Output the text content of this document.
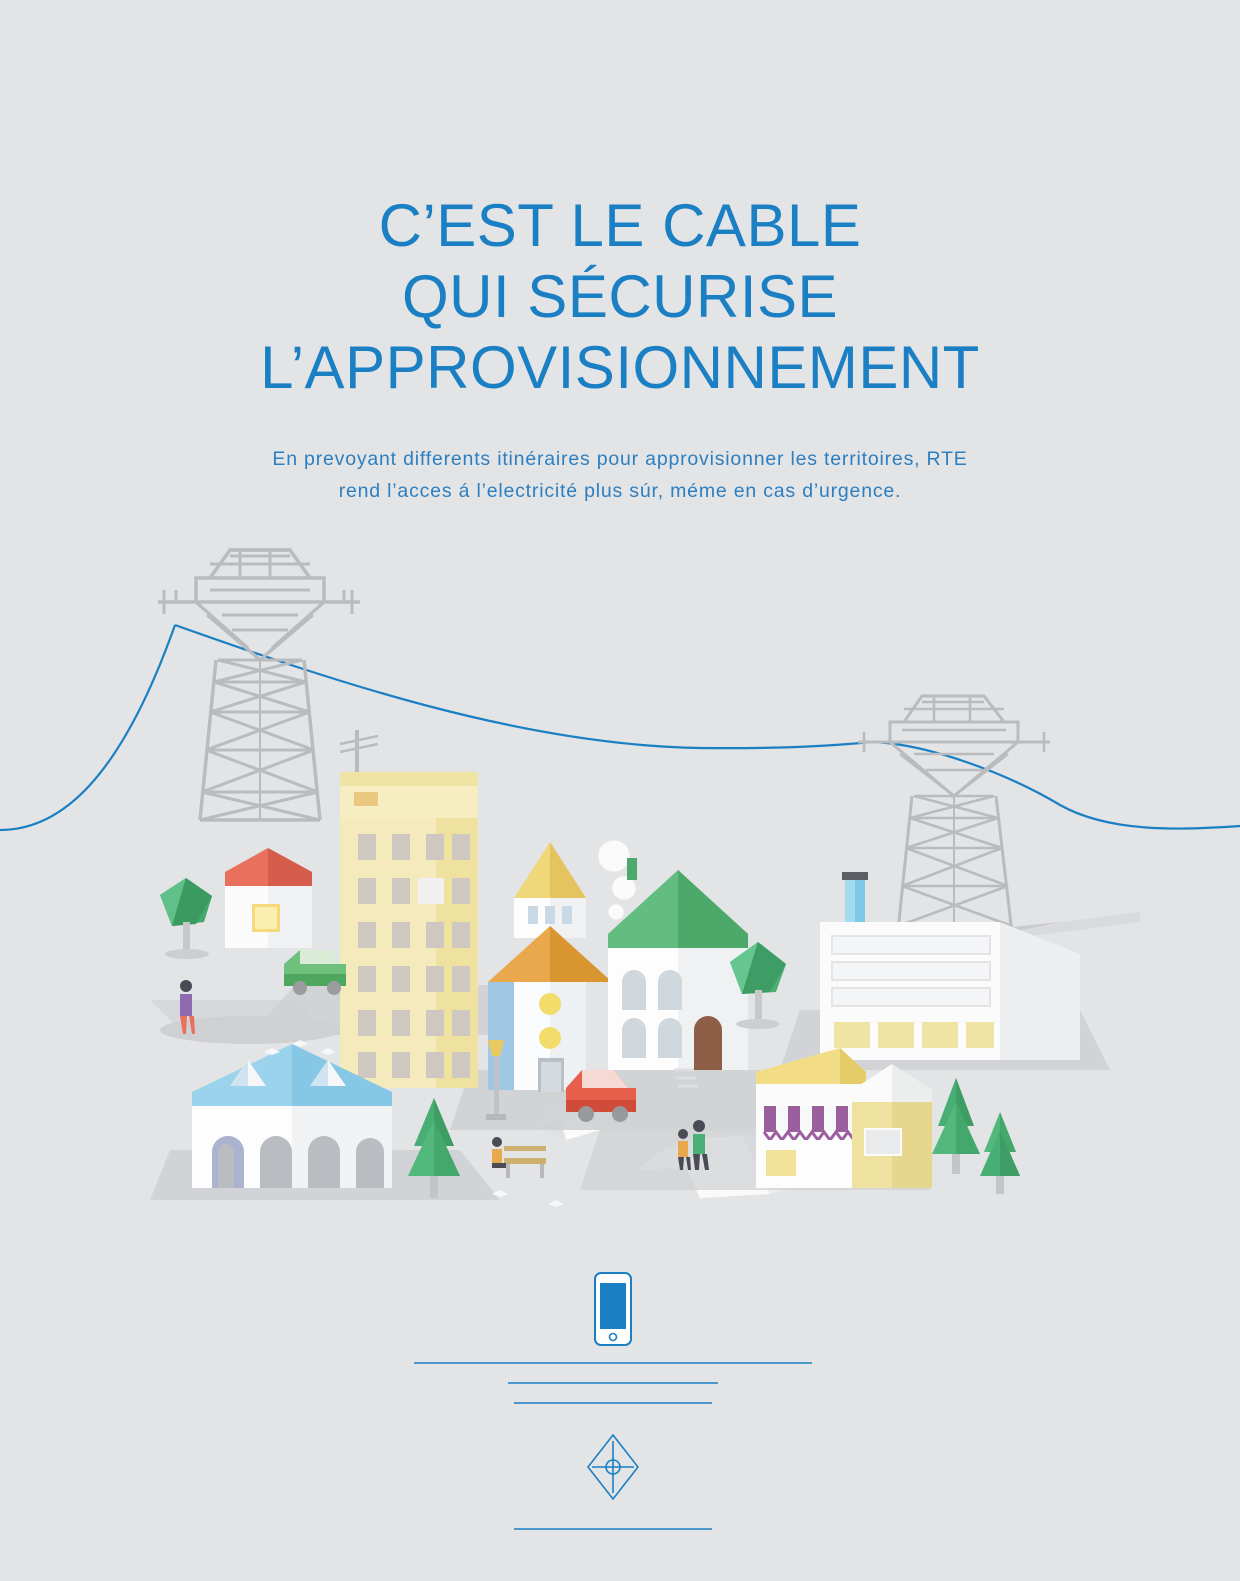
C’EST LE CABLE
QUI SÉCURISE
L’APPROVISIONNEMENT
En prevoyant differents itinéraires pour approvisionner les territoires, RTE
rend l’acces á l’electricité plus súr, méme en cas d’urgence.
